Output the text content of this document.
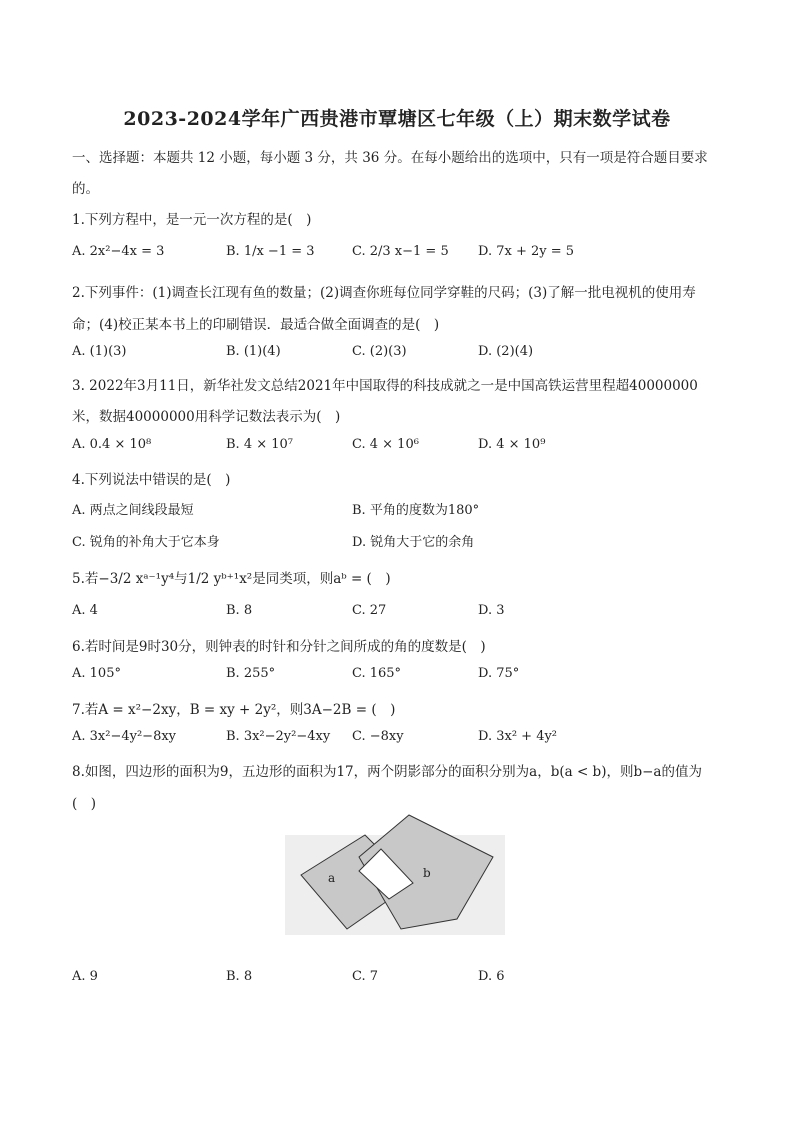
2023-2024学年广西贵港市覃塘区七年级（上）期末数学试卷
一、选择题：本题共 12 小题，每小题 3 分，共 36 分。在每小题给出的选项中，只有一项是符合题目要求
的。
1.下列方程中，是一元一次方程的是(　)
A. 2x²−4x = 3	B. 1/x −1 = 3	C. 2/3 x−1 = 5 D. 7x + 2y = 5
2.下列事件：(1)调查长江现有鱼的数量；(2)调查你班每位同学穿鞋的尺码；(3)了解一批电视机的使用寿
命；(4)校正某本书上的印刷错误．最适合做全面调查的是(　)
A. (1)(3)	B. (1)(4)	C. (2)(3)	D. (2)(4)
3. 2022年3月11日，新华社发文总结2021年中国取得的科技成就之一是中国高铁运营里程超40000000
米，数据40000000用科学记数法表示为(　)
A. 0.4 × 10⁸	B. 4 × 10⁷	C. 4 × 10⁶	D. 4 × 10⁹
4.下列说法中错误的是(　)
A. 两点之间线段最短	B. 平角的度数为180°
C. 锐角的补角大于它本身	D. 锐角大于它的余角
5.若−3/2 xᵃ⁻¹y⁴与1/2 yᵇ⁺¹x²是同类项，则aᵇ = (　)
A. 4	B. 8	C. 27	D. 3
6.若时间是9时30分，则钟表的时针和分针之间所成的角的度数是(　)
A. 105°	B. 255°	C. 165°	D. 75°
7.若A = x²−2xy，B = xy + 2y²，则3A−2B = (　)
A. 3x²−4y²−8xy	B. 3x²−2y²−4xy C. −8xy	D. 3x² + 4y²
8.如图，四边形的面积为9，五边形的面积为17，两个阴影部分的面积分别为a，b(a < b)，则b−a的值为
(　)
a	b
A. 9	B. 8	C. 7	D. 6
